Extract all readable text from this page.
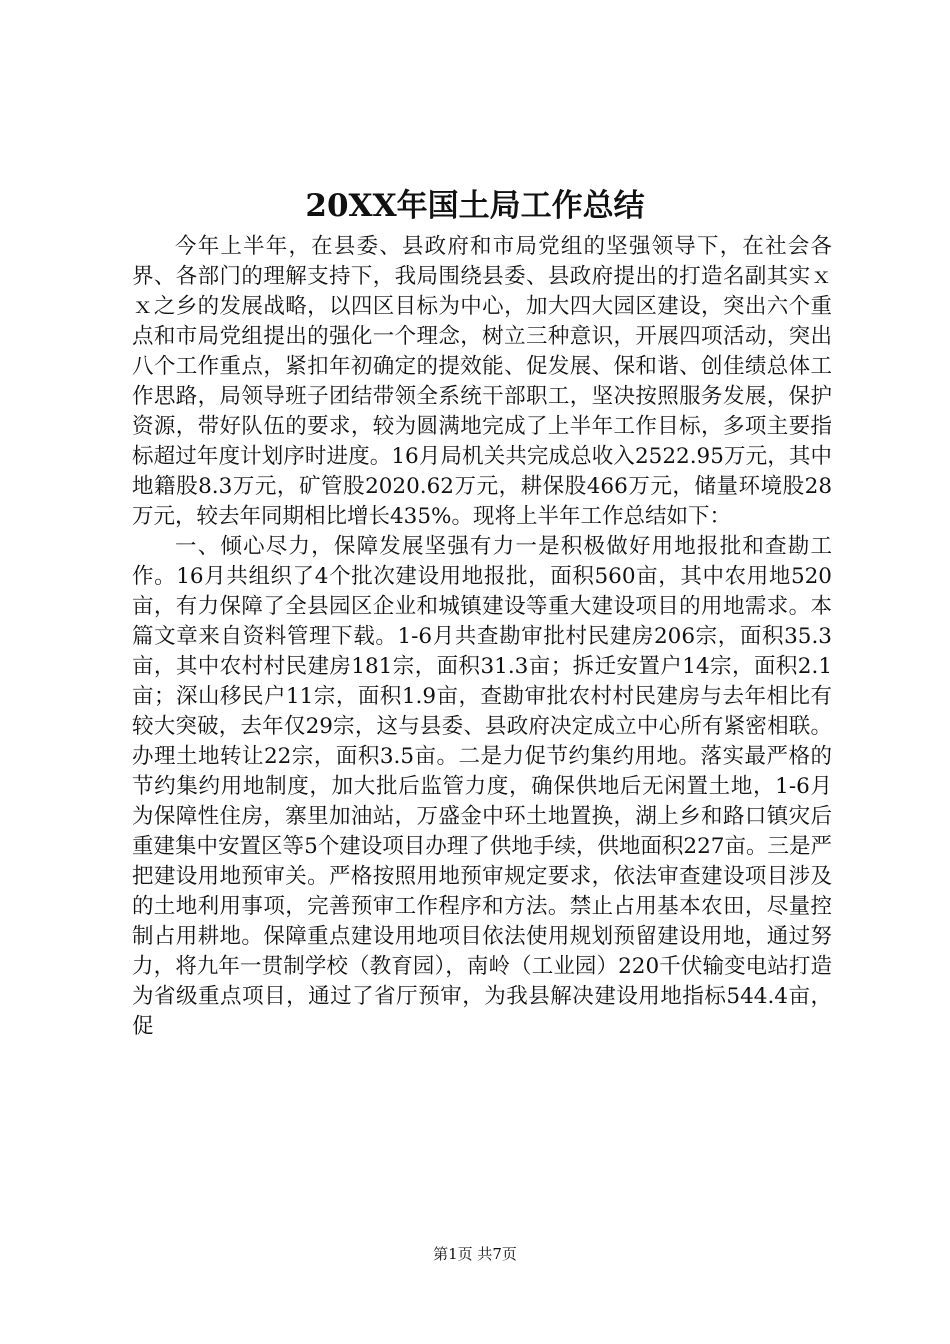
20XX年国土局工作总结

今年上半年，在县委、县政府和市局党组的坚强领导下，在社会各界、各部门的理解支持下，我局围绕县委、县政府提出的打造名副其实ｘｘ之乡的发展战略，以四区目标为中心，加大四大园区建设，突出六个重点和市局党组提出的强化一个理念，树立三种意识，开展四项活动，突出八个工作重点，紧扣年初确定的提效能、促发展、保和谐、创佳绩总体工作思路，局领导班子团结带领全系统干部职工，坚决按照服务发展，保护资源，带好队伍的要求，较为圆满地完成了上半年工作目标，多项主要指标超过年度计划序时进度。16月局机关共完成总收入2522.95万元，其中地籍股8.3万元，矿管股2020.62万元，耕保股466万元，储量环境股28万元，较去年同期相比增长435%。现将上半年工作总结如下：

一、倾心尽力，保障发展坚强有力一是积极做好用地报批和查勘工作。16月共组织了4个批次建设用地报批，面积560亩，其中农用地520亩，有力保障了全县园区企业和城镇建设等重大建设项目的用地需求。本篇文章来自资料管理下载。1-6月共查勘审批村民建房206宗，面积35.3亩，其中农村村民建房181宗，面积31.3亩；拆迁安置户14宗，面积2.1亩；深山移民户11宗，面积1.9亩，查勘审批农村村民建房与去年相比有较大突破，去年仅29宗，这与县委、县政府决定成立中心所有紧密相联。办理土地转让22宗，面积3.5亩。二是力促节约集约用地。落实最严格的节约集约用地制度，加大批后监管力度，确保供地后无闲置土地，1-6月为保障性住房，寨里加油站，万盛金中环土地置换，湖上乡和路口镇灾后重建集中安置区等5个建设项目办理了供地手续，供地面积227亩。三是严把建设用地预审关。严格按照用地预审规定要求，依法审查建设项目涉及的土地利用事项，完善预审工作程序和方法。禁止占用基本农田，尽量控制占用耕地。保障重点建设用地项目依法使用规划预留建设用地，通过努力，将九年一贯制学校（教育园），南岭（工业园）220千伏输变电站打造为省级重点项目，通过了省厅预审，为我县解决建设用地指标544.4亩，促

第1页 共7页
